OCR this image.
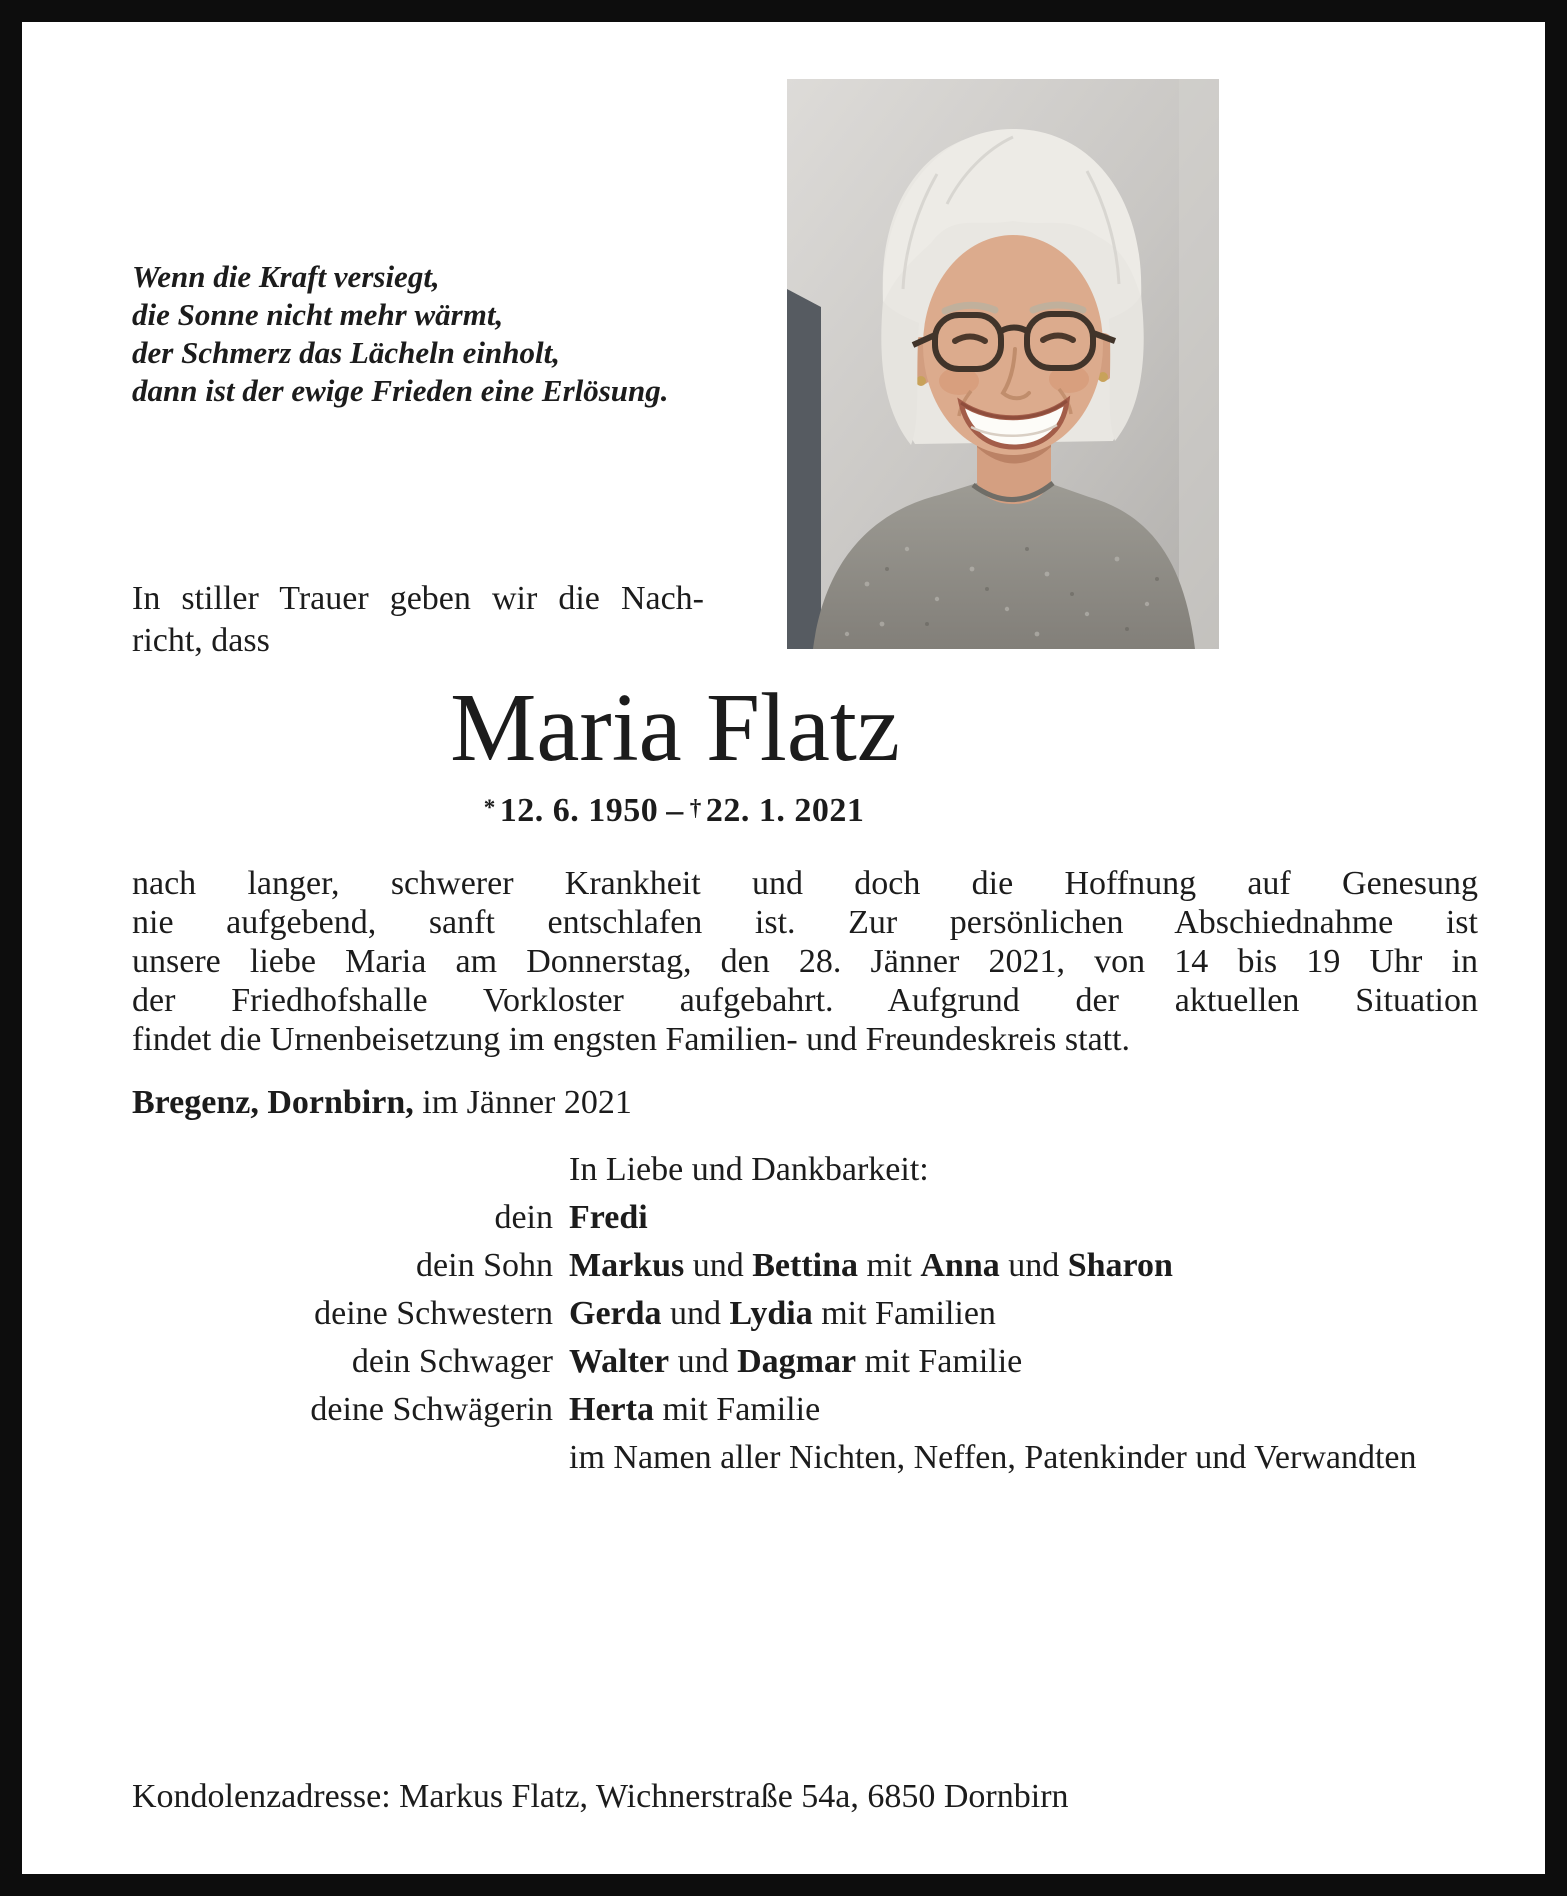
Wenn die Kraft versiegt,
die Sonne nicht mehr wärmt,
der Schmerz das Lächeln einholt,
dann ist der ewige Frieden eine Erlösung.
In stiller Trauer geben wir die Nach-
richt, dass
Maria Flatz
* 12. 6. 1950 – † 22. 1. 2021
nach langer, schwerer Krankheit und doch die Hoffnung auf Genesung
nie aufgebend, sanft entschlafen ist. Zur persönlichen Abschiednahme ist
unsere liebe Maria am Donnerstag, den 28. Jänner 2021, von 14 bis 19 Uhr in
der Friedhofshalle Vorkloster aufgebahrt. Aufgrund der aktuellen Situation
findet die Urnenbeisetzung im engsten Familien- und Freundeskreis statt.
Bregenz, Dornbirn, im Jänner 2021
In Liebe und Dankbarkeit:
dein Fredi
dein Sohn Markus und Bettina mit Anna und Sharon
deine Schwestern Gerda und Lydia mit Familien
dein Schwager Walter und Dagmar mit Familie
deine Schwägerin Herta mit Familie
im Namen aller Nichten, Neffen, Patenkinder und Verwandten
Kondolenzadresse: Markus Flatz, Wichnerstraße 54a, 6850 Dornbirn
